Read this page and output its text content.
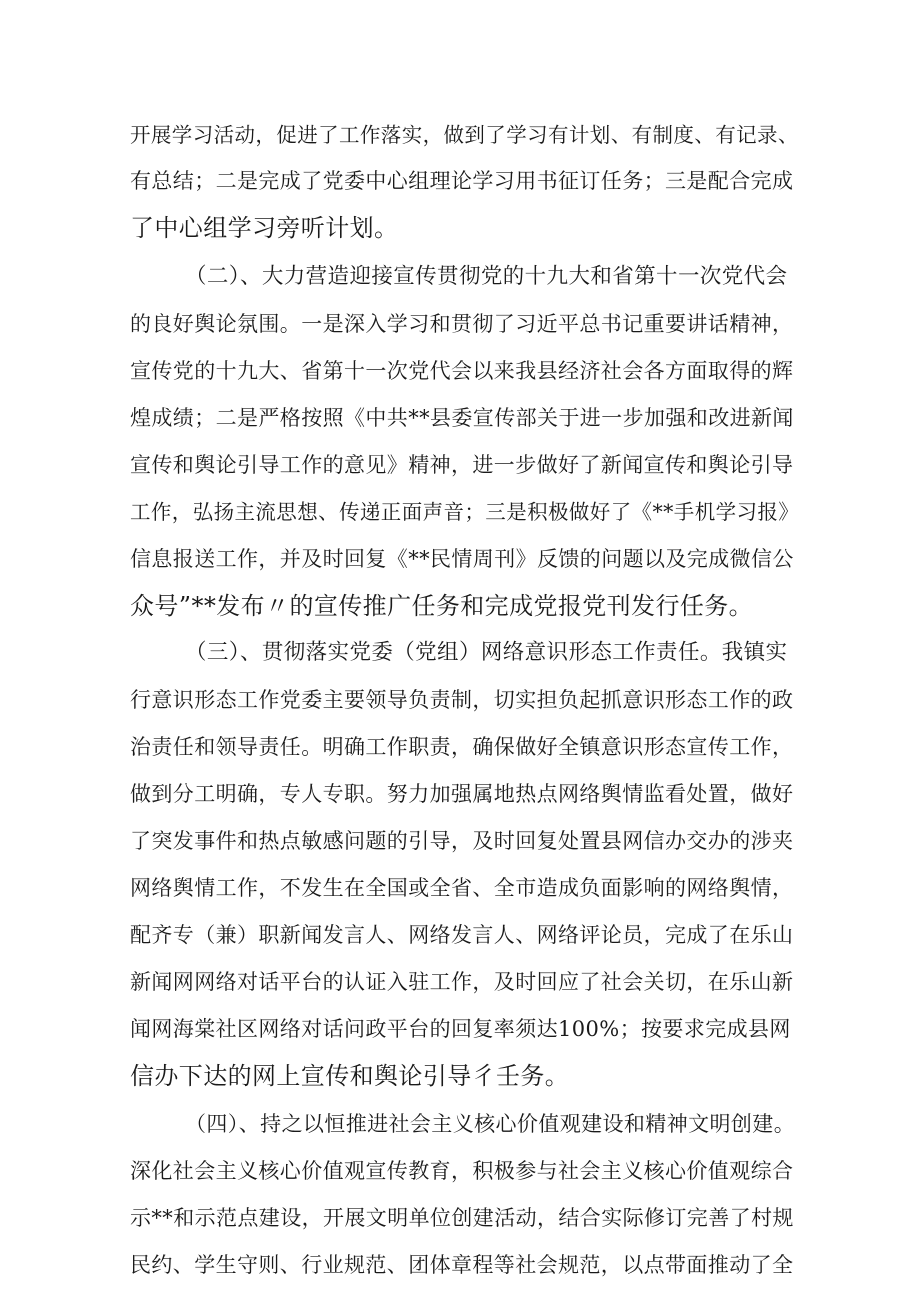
开展学习活动，促进了工作落实，做到了学习有计划、有制度、有记录、
有总结；二是完成了党委中心组理论学习用书征订任务；三是配合完成
了中心组学习旁听计划。
（二）、大力营造迎接宣传贯彻党的十九大和省第十一次党代会
的良好舆论氛围。一是深入学习和贯彻了习近平总书记重要讲话精神，
宣传党的十九大、省第十一次党代会以来我县经济社会各方面取得的辉
煌成绩；二是严格按照《中共**县委宣传部关于进一步加强和改进新闻
宣传和舆论引导工作的意见》精神，进一步做好了新闻宣传和舆论引导
工作，弘扬主流思想、传递正面声音；三是积极做好了《**手机学习报》
信息报送工作，并及时回复《**民情周刊》反馈的问题以及完成微信公
众号”**发布〃的宣传推广任务和完成党报党刊发行任务。
（三）、贯彻落实党委（党组）网络意识形态工作责任。我镇实
行意识形态工作党委主要领导负责制，切实担负起抓意识形态工作的政
治责任和领导责任。明确工作职责，确保做好全镇意识形态宣传工作，
做到分工明确，专人专职。努力加强属地热点网络舆情监看处置，做好
了突发事件和热点敏感问题的引导，及时回复处置县网信办交办的涉夹
网络舆情工作，不发生在全国或全省、全市造成负面影响的网络舆情，
配齐专（兼）职新闻发言人、网络发言人、网络评论员，完成了在乐山
新闻网网络对话平台的认证入驻工作，及时回应了社会关切，在乐山新
闻网海棠社区网络对话问政平台的回复率须达100%；按要求完成县网
信办下达的网上宣传和舆论引导彳壬务。
（四）、持之以恒推进社会主义核心价值观建设和精神文明创建。
深化社会主义核心价值观宣传教育，积极参与社会主义核心价值观综合
示**和示范点建设，开展文明单位创建活动，结合实际修订完善了村规
民约、学生守则、行业规范、团体章程等社会规范，以点带面推动了全
